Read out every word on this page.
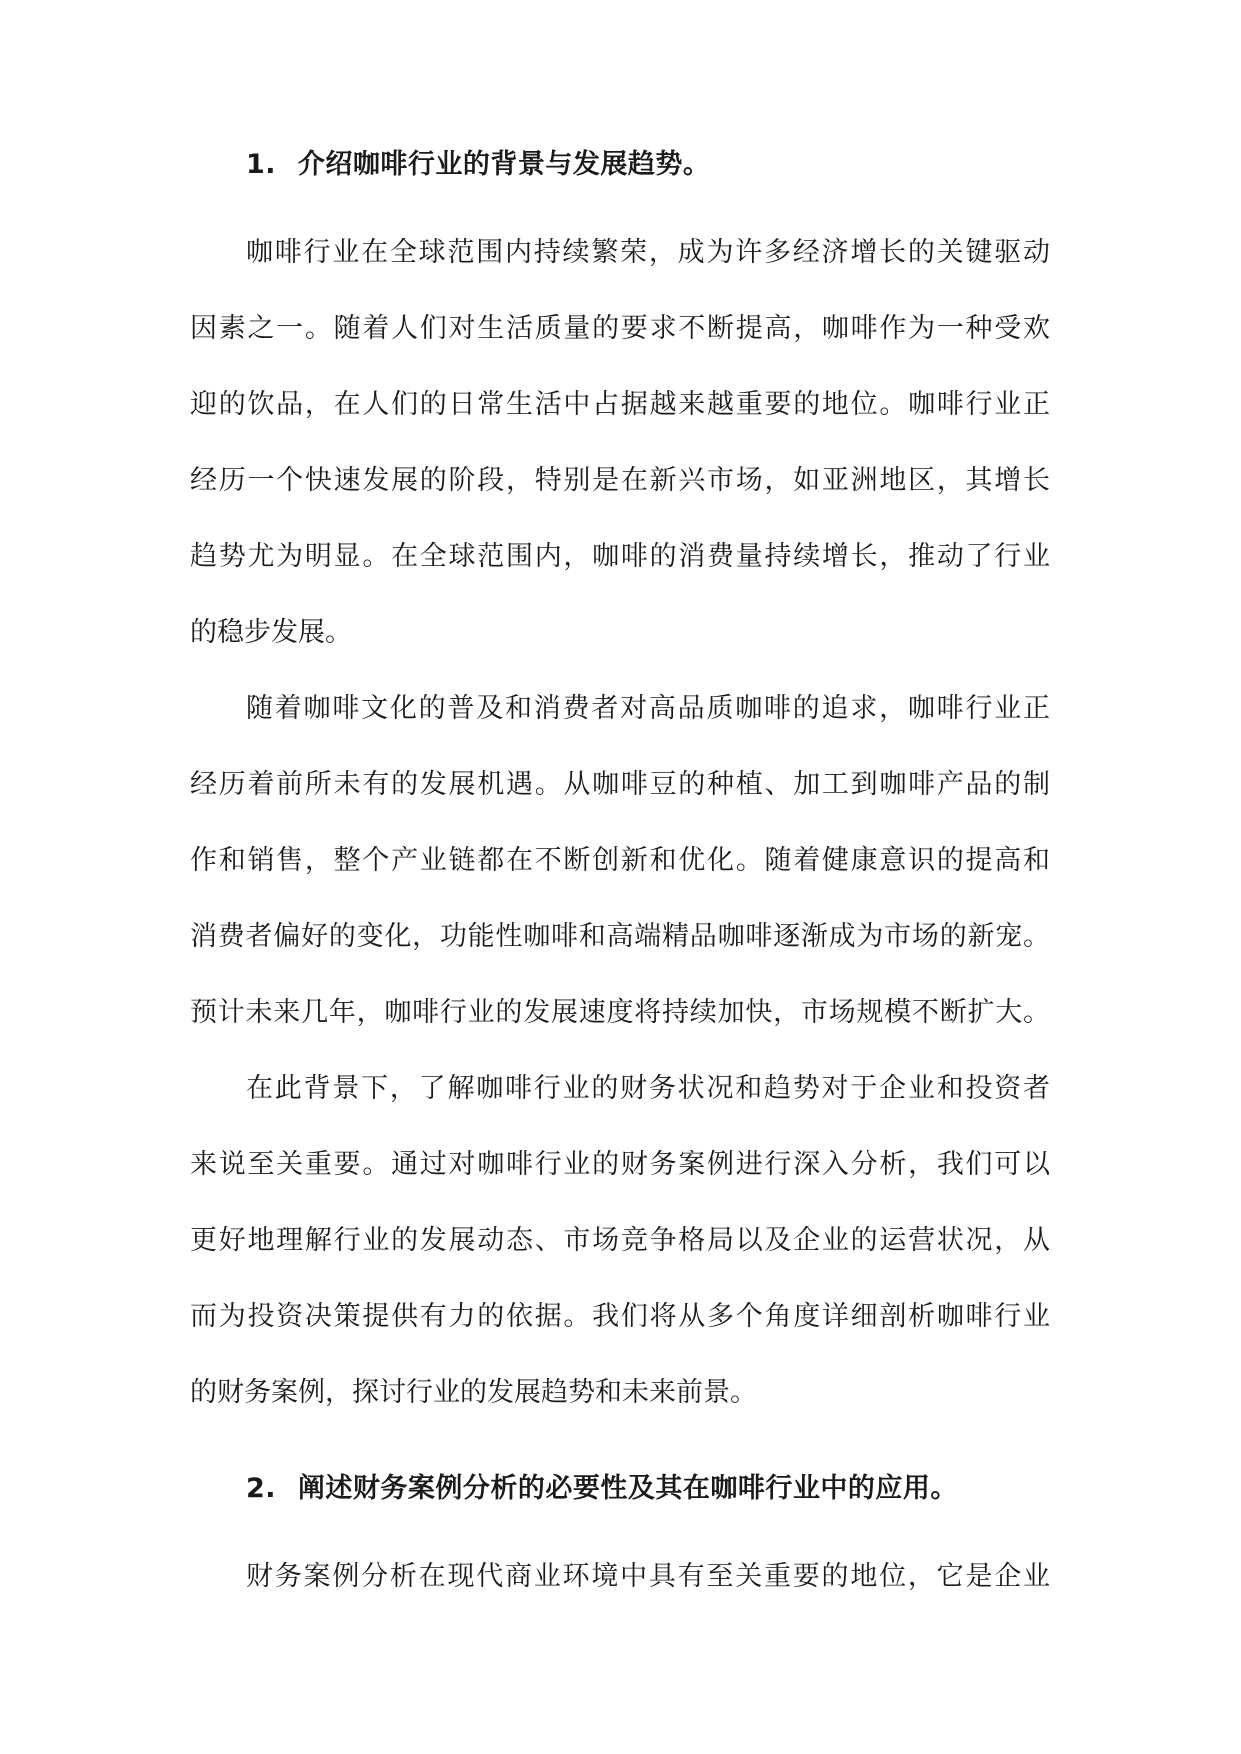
1. 介绍咖啡行业的背景与发展趋势。
咖啡行业在全球范围内持续繁荣，成为许多经济增长的关键驱动
因素之一。随着人们对生活质量的要求不断提高，咖啡作为一种受欢
迎的饮品，在人们的日常生活中占据越来越重要的地位。咖啡行业正
经历一个快速发展的阶段，特别是在新兴市场，如亚洲地区，其增长
趋势尤为明显。在全球范围内，咖啡的消费量持续增长，推动了行业
的稳步发展。
随着咖啡文化的普及和消费者对高品质咖啡的追求，咖啡行业正
经历着前所未有的发展机遇。从咖啡豆的种植、加工到咖啡产品的制
作和销售，整个产业链都在不断创新和优化。随着健康意识的提高和
消费者偏好的变化，功能性咖啡和高端精品咖啡逐渐成为市场的新宠。
预计未来几年，咖啡行业的发展速度将持续加快，市场规模不断扩大。
在此背景下，了解咖啡行业的财务状况和趋势对于企业和投资者
来说至关重要。通过对咖啡行业的财务案例进行深入分析，我们可以
更好地理解行业的发展动态、市场竞争格局以及企业的运营状况，从
而为投资决策提供有力的依据。我们将从多个角度详细剖析咖啡行业
的财务案例，探讨行业的发展趋势和未来前景。
2. 阐述财务案例分析的必要性及其在咖啡行业中的应用。
财务案例分析在现代商业环境中具有至关重要的地位，它是企业
